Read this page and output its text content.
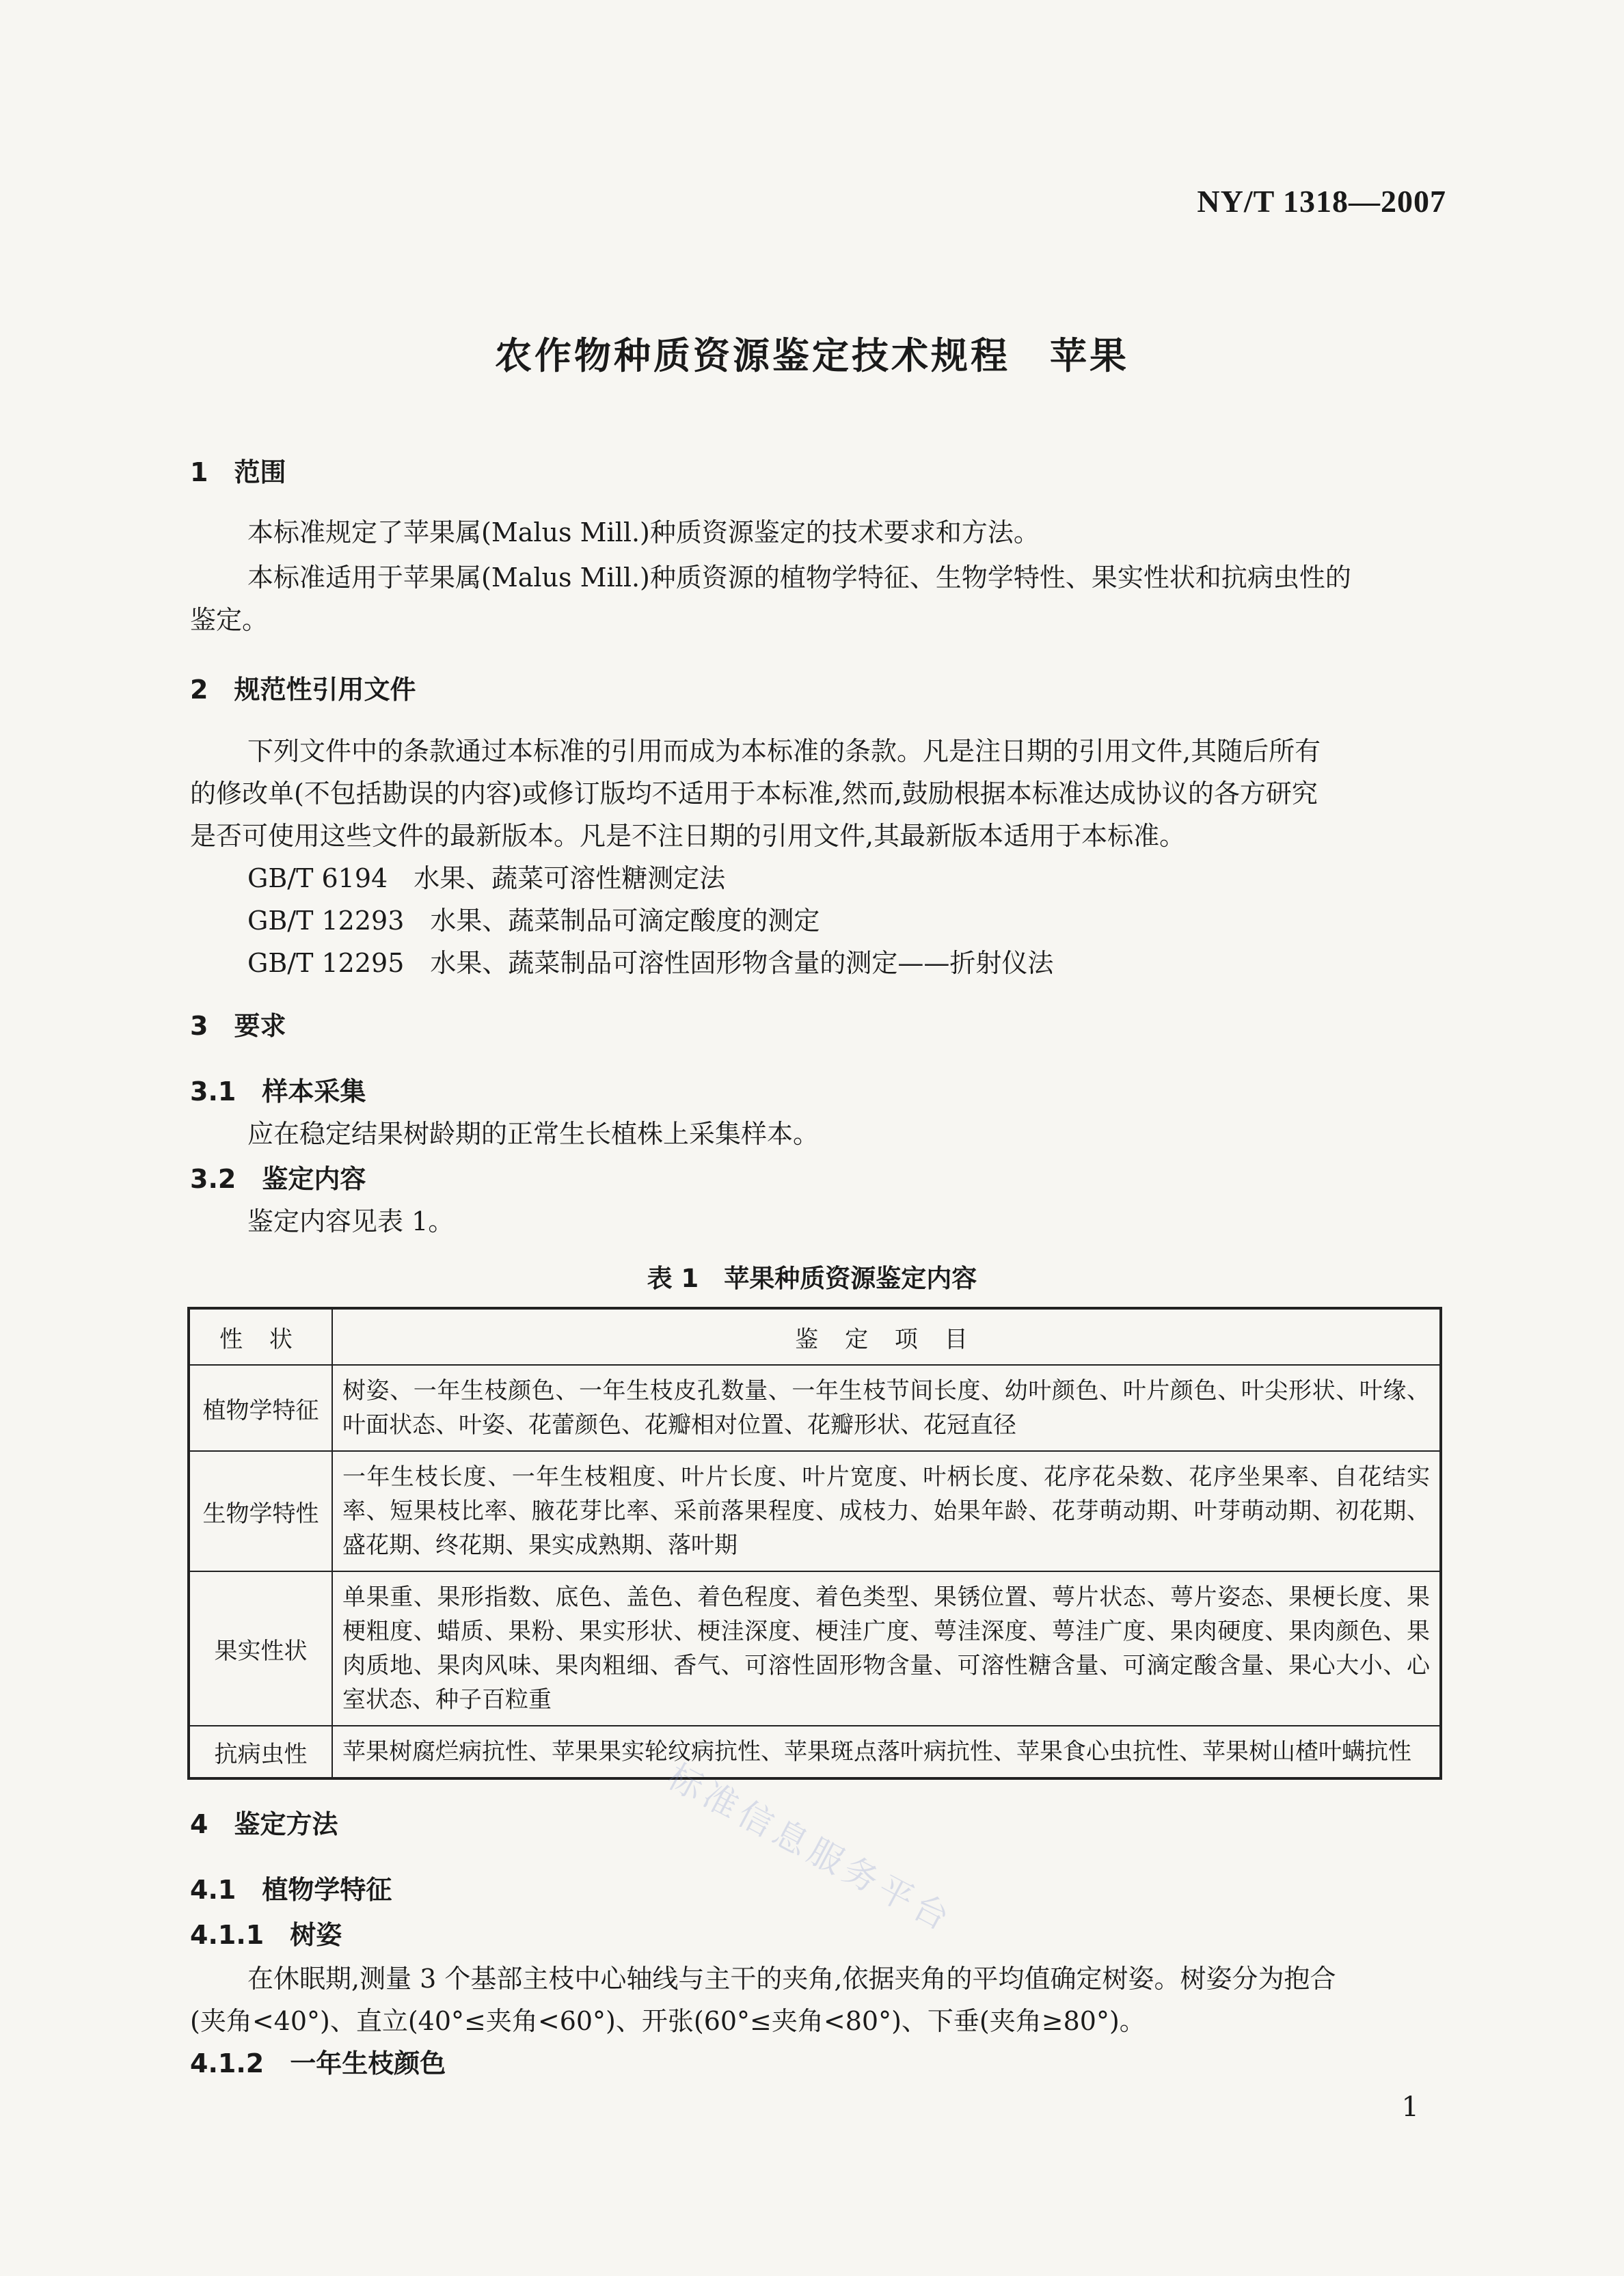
NY/T 1318—2007
农作物种质资源鉴定技术规程　苹果
1　 范围
本标准规定了苹果属(Malus Mill.)种质资源鉴定的技术要求和方法。
本标准适用于苹果属(Malus Mill.)种质资源的植物学特征、生物学特性、果实性状和抗病虫性的
鉴定。
2　 规范性引用文件
下列文件中的条款通过本标准的引用而成为本标准的条款。凡是注日期的引用文件,其随后所有
的修改单(不包括勘误的内容)或修订版均不适用于本标准,然而,鼓励根据本标准达成协议的各方研究
是否可使用这些文件的最新版本。凡是不注日期的引用文件,其最新版本适用于本标准。
GB/T 6194　水果、蔬菜可溶性糖测定法
GB/T 12293　水果、蔬菜制品可滴定酸度的测定
GB/T 12295　水果、蔬菜制品可溶性固形物含量的测定——折射仪法
3　 要求
3.1　 样本采集
应在稳定结果树龄期的正常生长植株上采集样本。
3.2　 鉴定内容
鉴定内容见表 1。
表 1　苹果种质资源鉴定内容
性 状	鉴 定 项 目
植物学特征	树姿、一年生枝颜色、一年生枝皮孔数量、一年生枝节间长度、幼叶颜色、叶片颜色、叶尖形状、叶缘、叶面状态、叶姿、花蕾颜色、花瓣相对位置、花瓣形状、花冠直径
生物学特性	一年生枝长度、一年生枝粗度、叶片长度、叶片宽度、叶柄长度、花序花朵数、花序坐果率、自花结实率、短果枝比率、腋花芽比率、采前落果程度、成枝力、始果年龄、花芽萌动期、叶芽萌动期、初花期、盛花期、终花期、果实成熟期、落叶期
果实性状	单果重、果形指数、底色、盖色、着色程度、着色类型、果锈位置、萼片状态、萼片姿态、果梗长度、果梗粗度、蜡质、果粉、果实形状、梗洼深度、梗洼广度、萼洼深度、萼洼广度、果肉硬度、果肉颜色、果肉质地、果肉风味、果肉粗细、香气、可溶性固形物含量、可溶性糖含量、可滴定酸含量、果心大小、心室状态、种子百粒重
抗病虫性	苹果树腐烂病抗性、苹果果实轮纹病抗性、苹果斑点落叶病抗性、苹果食心虫抗性、苹果树山楂叶螨抗性
4　 鉴定方法
4.1　 植物学特征
4.1.1　 树姿
在休眠期,测量 3 个基部主枝中心轴线与主干的夹角,依据夹角的平均值确定树姿。树姿分为抱合
(夹角<40°)、直立(40°≤夹角<60°)、开张(60°≤夹角<80°)、下垂(夹角≥80°)。
4.1.2　 一年生枝颜色
标准信息服务平台
1
